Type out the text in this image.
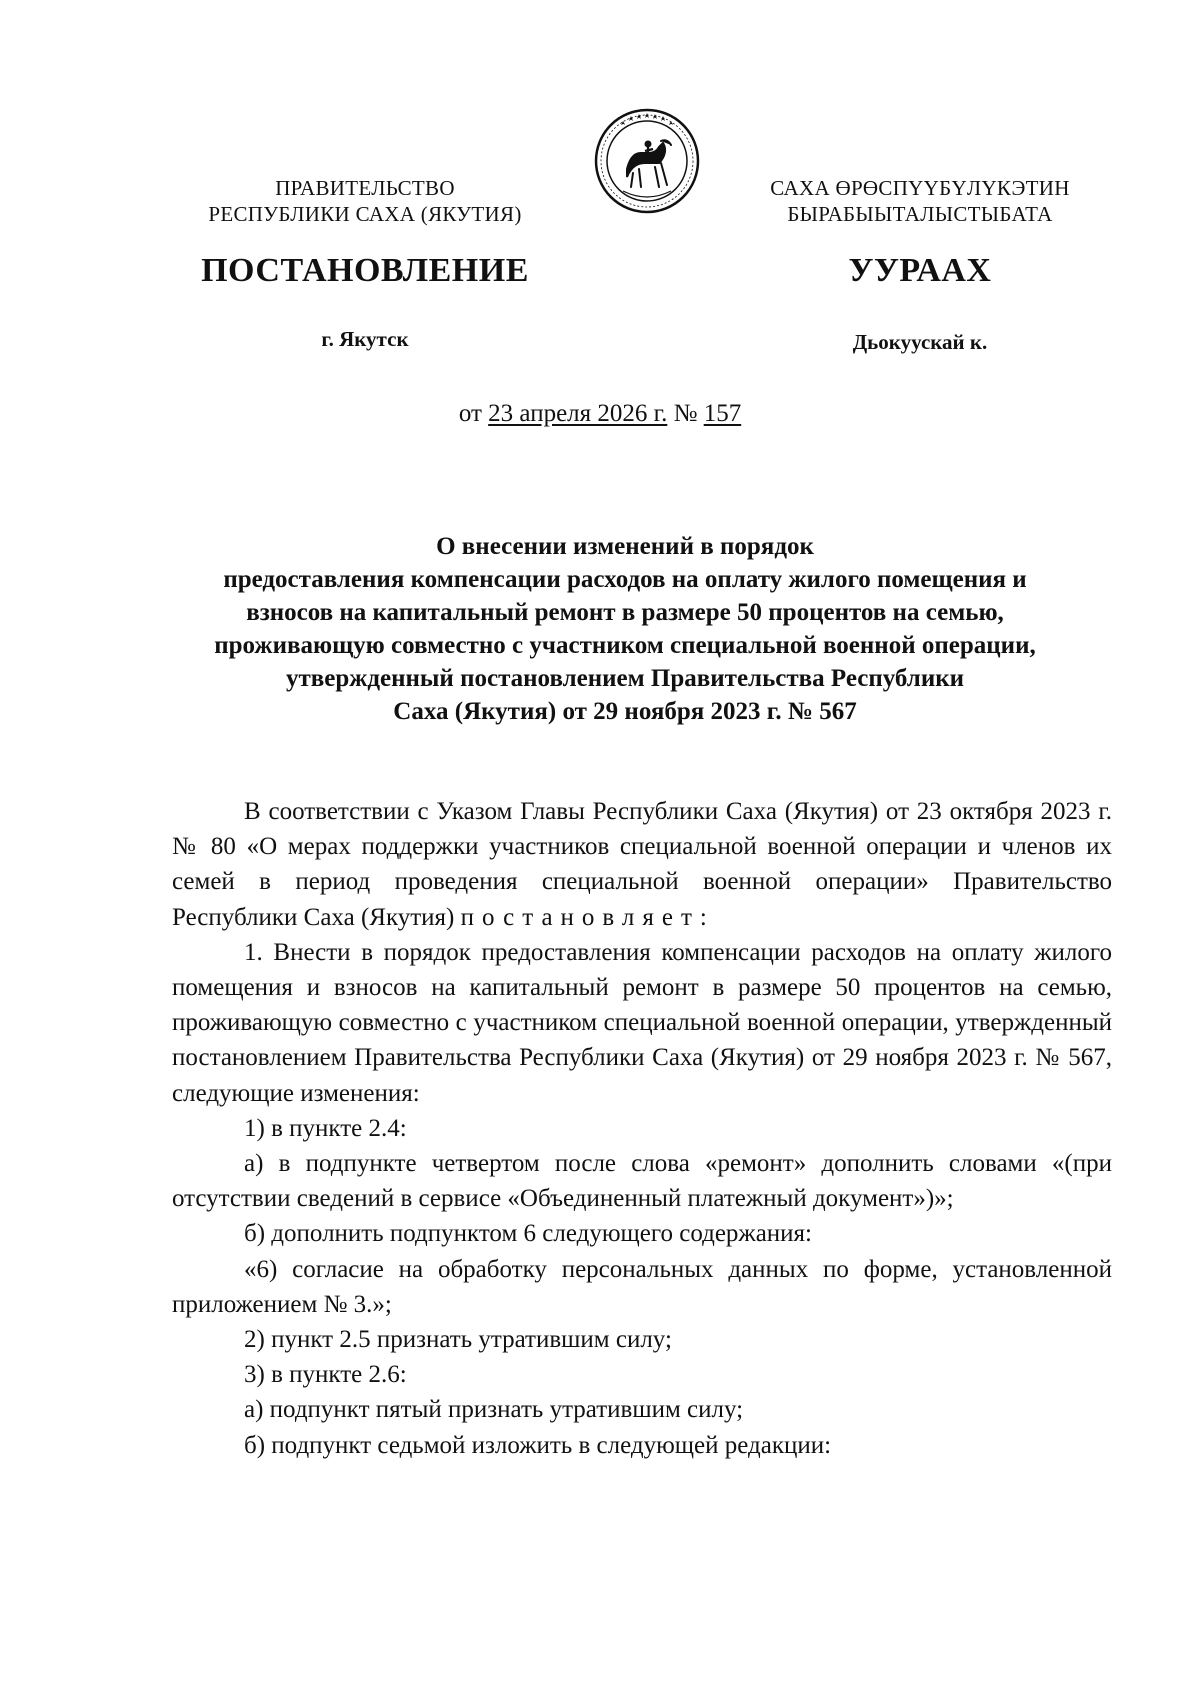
ПРАВИТЕЛЬСТВО
РЕСПУБЛИКИ САХА (ЯКУТИЯ)
САХА ӨРӨСПҮҮБҮЛҮКЭТИН
БЫРАБЫЫТАЛЫСТЫБАТА
ПОСТАНОВЛЕНИЕ	УУРААХ
г. Якутск	Дьокуускай к.
от 23 апреля 2026 г. № 157
О внесении изменений в порядок
предоставления компенсации расходов на оплату жилого помещения и
взносов на капитальный ремонт в размере 50 процентов на семью,
проживающую совместно с участником специальной военной операции,
утвержденный постановлением Правительства Республики
Саха (Якутия) от 29 ноября 2023 г. № 567

В соответствии с Указом Главы Республики Саха (Якутия) от 23 октября 2023 г. № 80 «О мерах поддержки участников специальной военной операции и членов их семей в период проведения специальной военной операции» Правительство Республики Саха (Якутия) постановляет:

1. Внести в порядок предоставления компенсации расходов на оплату жилого помещения и взносов на капитальный ремонт в размере 50 процентов на семью, проживающую совместно с участником специальной военной операции, утвержденный постановлением Правительства Республики Саха (Якутия) от 29 ноября 2023 г. № 567, следующие изменения:

1) в пункте 2.4:

а) в подпункте четвертом после слова «ремонт» дополнить словами «(при отсутствии сведений в сервисе «Объединенный платежный документ»)»;

б) дополнить подпунктом 6 следующего содержания:

«6) согласие на обработку персональных данных по форме, установленной приложением № 3.»;

2) пункт 2.5 признать утратившим силу;

3) в пункте 2.6:

а) подпункт пятый признать утратившим силу;

б) подпункт седьмой изложить в следующей редакции:
